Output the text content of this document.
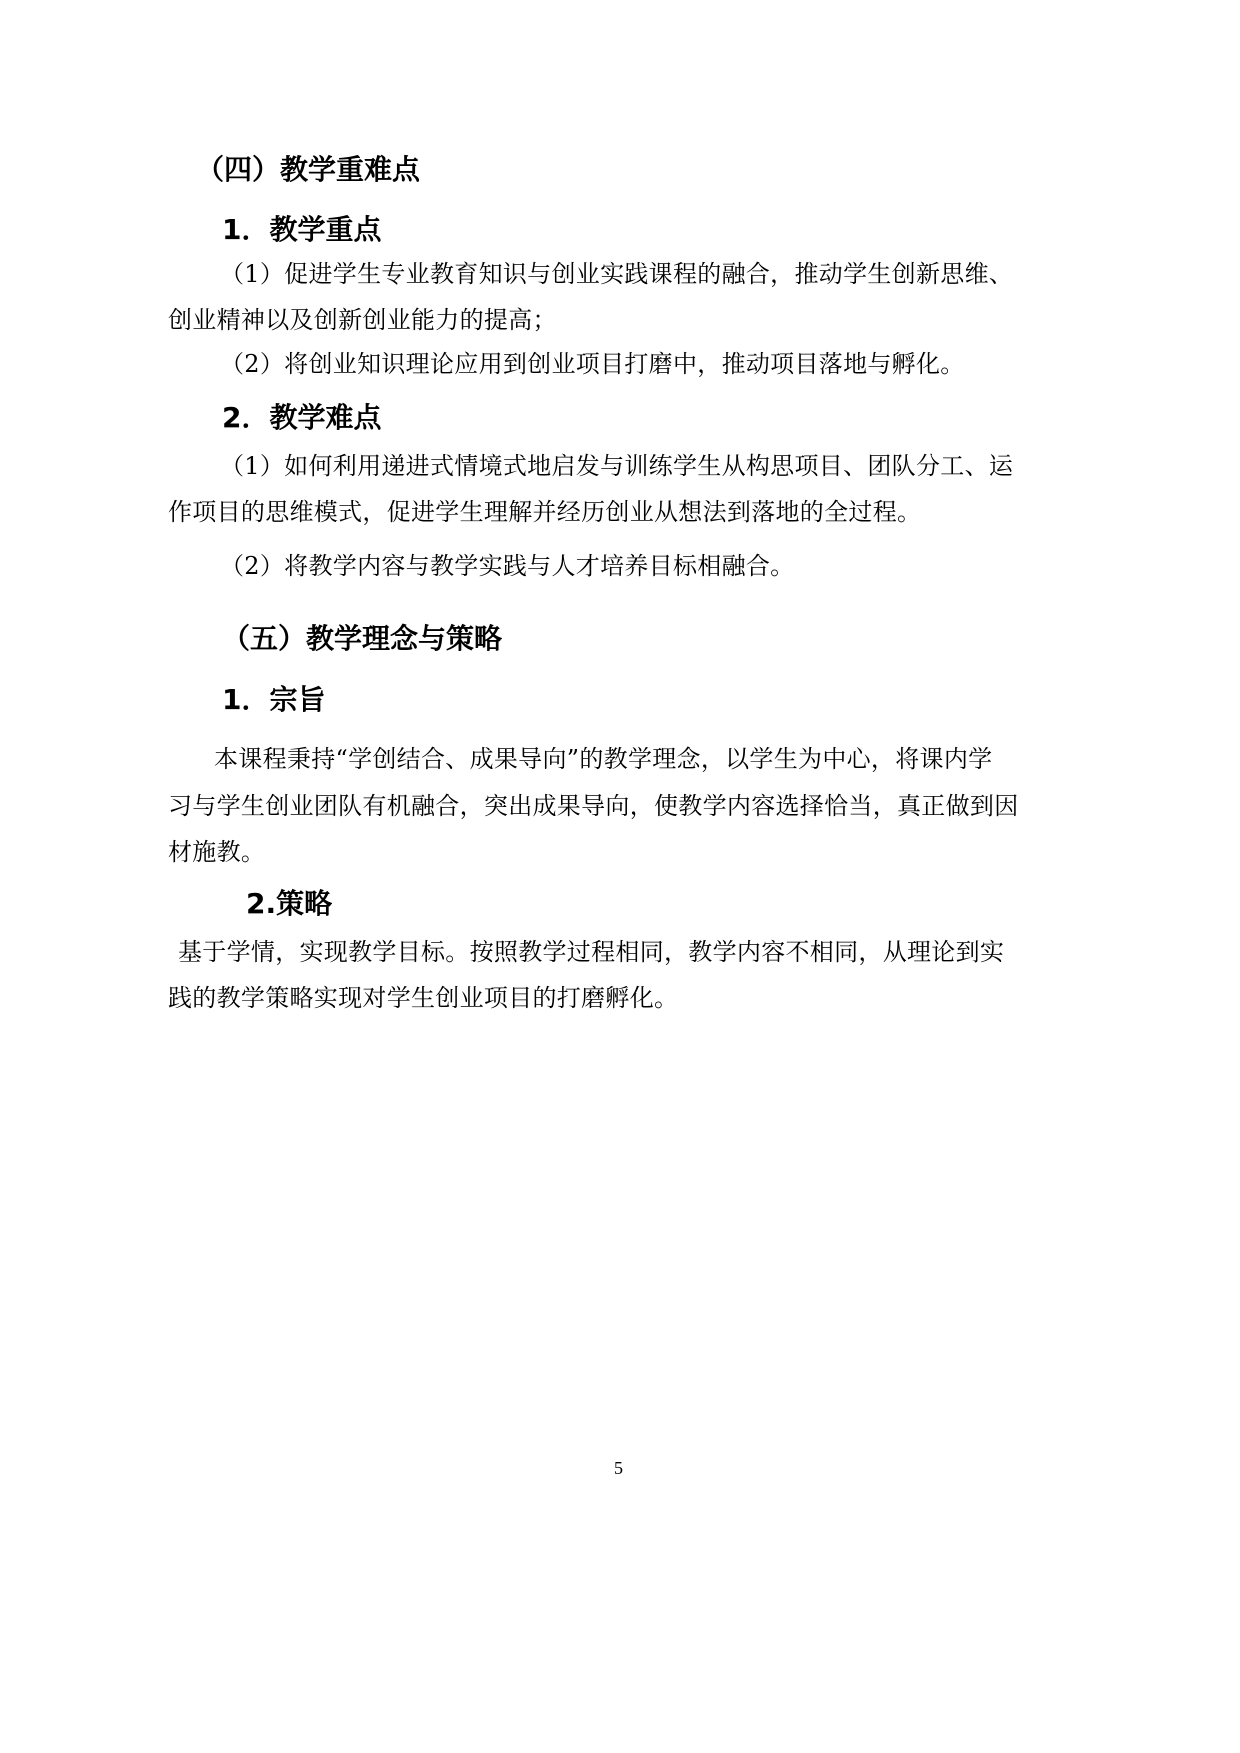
（四）教学重难点
1．教学重点
（1）促进学生专业教育知识与创业实践课程的融合，推动学生创新思维、
创业精神以及创新创业能力的提高；
（2）将创业知识理论应用到创业项目打磨中，推动项目落地与孵化。
2．教学难点
（1）如何利用递进式情境式地启发与训练学生从构思项目、团队分工、运
作项目的思维模式，促进学生理解并经历创业从想法到落地的全过程。
（2）将教学内容与教学实践与人才培养目标相融合。
（五）教学理念与策略
1．宗旨
本课程秉持“学创结合、成果导向”的教学理念，以学生为中心，将课内学
习与学生创业团队有机融合，突出成果导向，使教学内容选择恰当，真正做到因
材施教。
2.策略
基于学情，实现教学目标。按照教学过程相同，教学内容不相同，从理论到实
践的教学策略实现对学生创业项目的打磨孵化。
5
